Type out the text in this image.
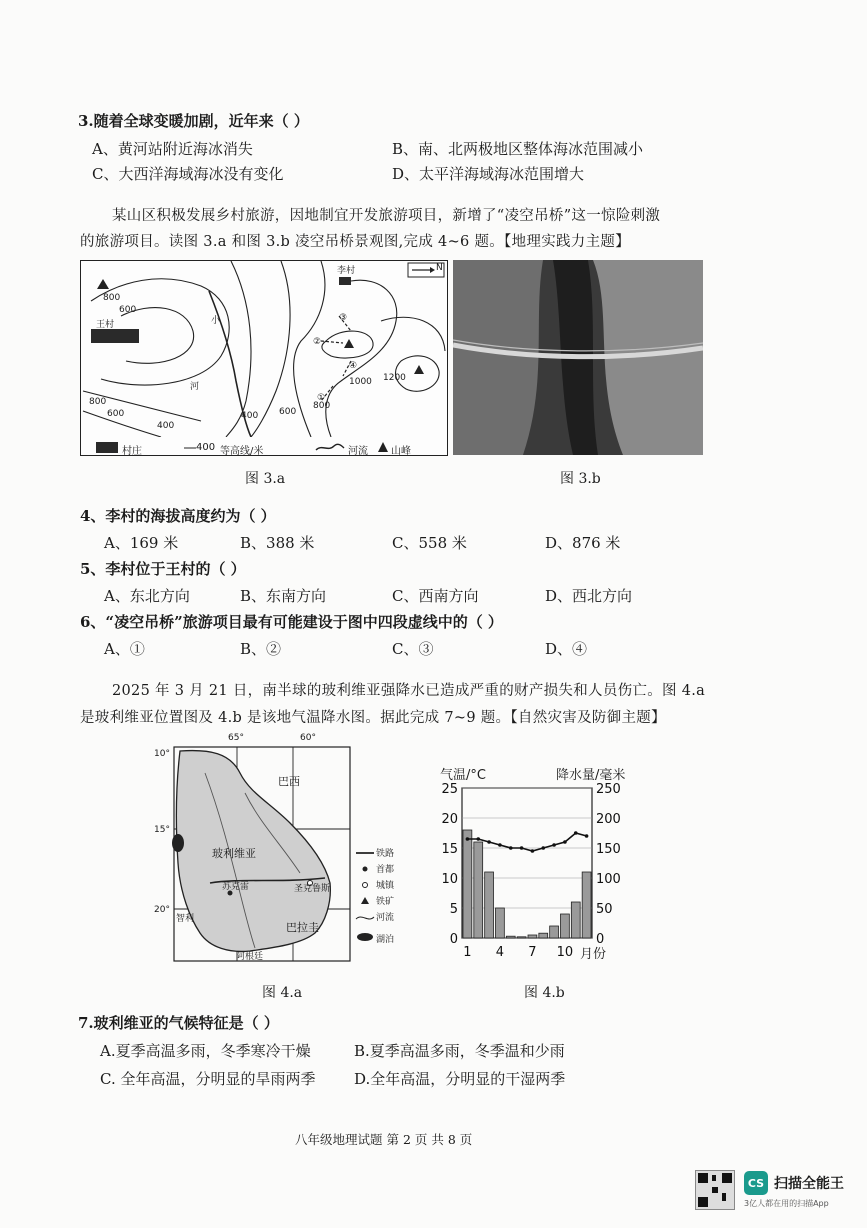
3.随着全球变暖加剧，近年来（ ）
A、黄河站附近海冰消失	B、南、北两极地区整体海冰范围减小
C、大西洋海域海冰没有变化	D、太平洋海域海冰范围增大
某山区积极发展乡村旅游，因地制宜开发旅游项目，新增了“凌空吊桥”这一惊险刺激
的旅游项目。读图 3.a 和图 3.b 凌空吊桥景观图,完成 4~6 题。【地理实践力主题】
李村
王村
N
小
河
800
600
600
800
400
400 600
800
1000 1200
①
②
③
④
村庄	400 等高线/米	河流 山峰
图 3.a	图 3.b
4、李村的海拔高度约为（ ）
A、169 米	B、388 米	C、558 米	D、876 米
5、李村位于王村的（ ）
A、东北方向	B、东南方向	C、西南方向	D、西北方向
6、“凌空吊桥”旅游项目最有可能建设于图中四段虚线中的（ ）
A、①	B、②	C、③	D、④
2025 年 3 月 21 日，南半球的玻利维亚强降水已造成严重的财产损失和人员伤亡。图 4.a
是玻利维亚位置图及 4.b 是该地气温降水图。据此完成 7~9 题。【自然灾害及防御主题】
65°	60°
10°
15°
20°
玻利维亚
巴西
巴拉圭
智利
苏克雷	圣克鲁斯
阿根廷
铁路
首都
城镇
铁矿
河流
湖泊
图 4.a
0
5
10
15
20
25
0
50
100
150
200
250
1 4 7 10
气温/°C	降水量/毫米
月份
图 4.b
7.玻利维亚的气候特征是（ ）
A.夏季高温多雨，冬季寒冷干燥	B.夏季高温多雨，冬季温和少雨
C. 全年高温，分明显的旱雨两季	D.全年高温，分明显的干湿两季
八年级地理试题 第 2 页 共 8 页
CS 扫描全能王
3亿人都在用的扫描App
